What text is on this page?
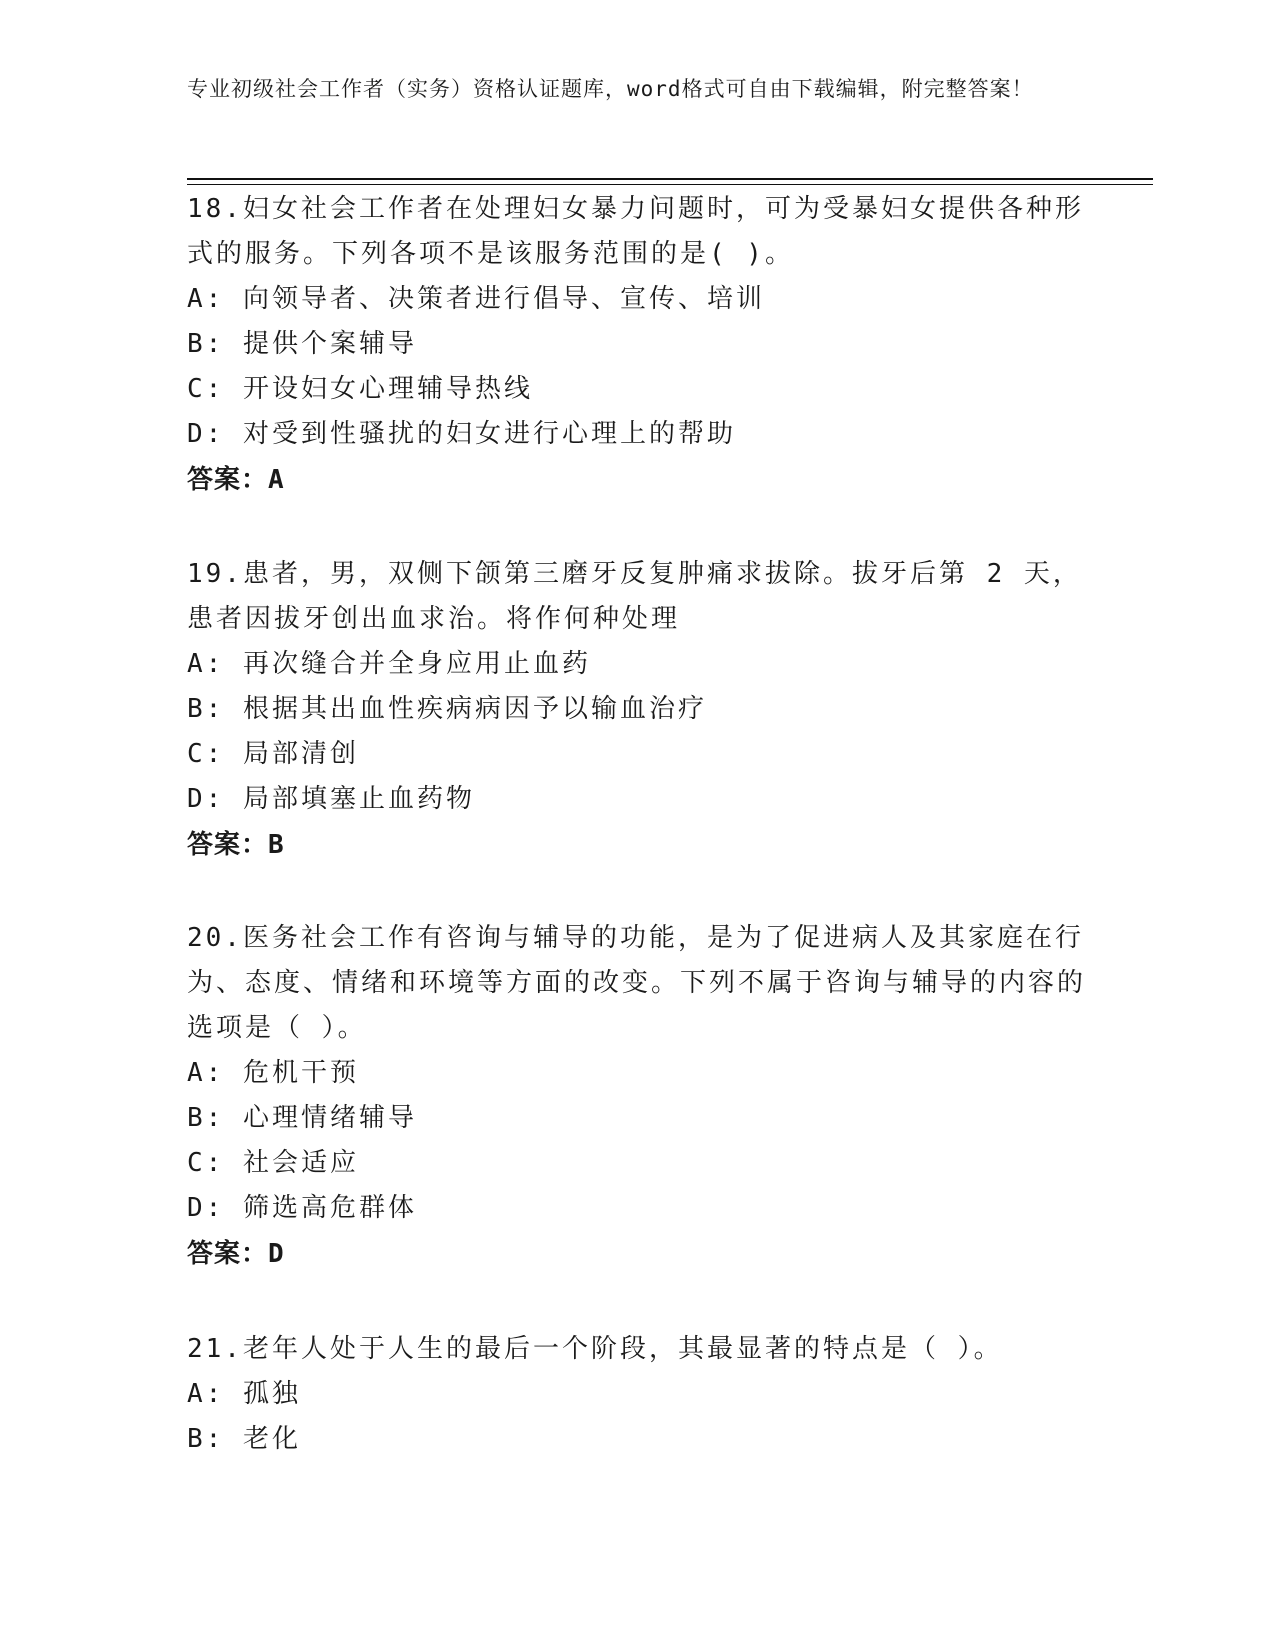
专业初级社会工作者（实务）资格认证题库，word格式可自由下载编辑，附完整答案！

18.妇女社会工作者在处理妇女暴力问题时，可为受暴妇女提供各种形式的服务。下列各项不是该服务范围的是( )。

A: 向领导者、决策者进行倡导、宣传、培训

B: 提供个案辅导

C: 开设妇女心理辅导热线

D: 对受到性骚扰的妇女进行心理上的帮助

答案：A

19.患者，男，双侧下颌第三磨牙反复肿痛求拔除。拔牙后第 2 天，患者因拔牙创出血求治。将作何种处理

A: 再次缝合并全身应用止血药

B: 根据其出血性疾病病因予以输血治疗

C: 局部清创

D: 局部填塞止血药物

答案：B

20.医务社会工作有咨询与辅导的功能，是为了促进病人及其家庭在行为、态度、情绪和环境等方面的改变。下列不属于咨询与辅导的内容的选项是（ ）。

A: 危机干预

B: 心理情绪辅导

C: 社会适应

D: 筛选高危群体

答案：D

21.老年人处于人生的最后一个阶段，其最显著的特点是（ ）。

A: 孤独

B: 老化
